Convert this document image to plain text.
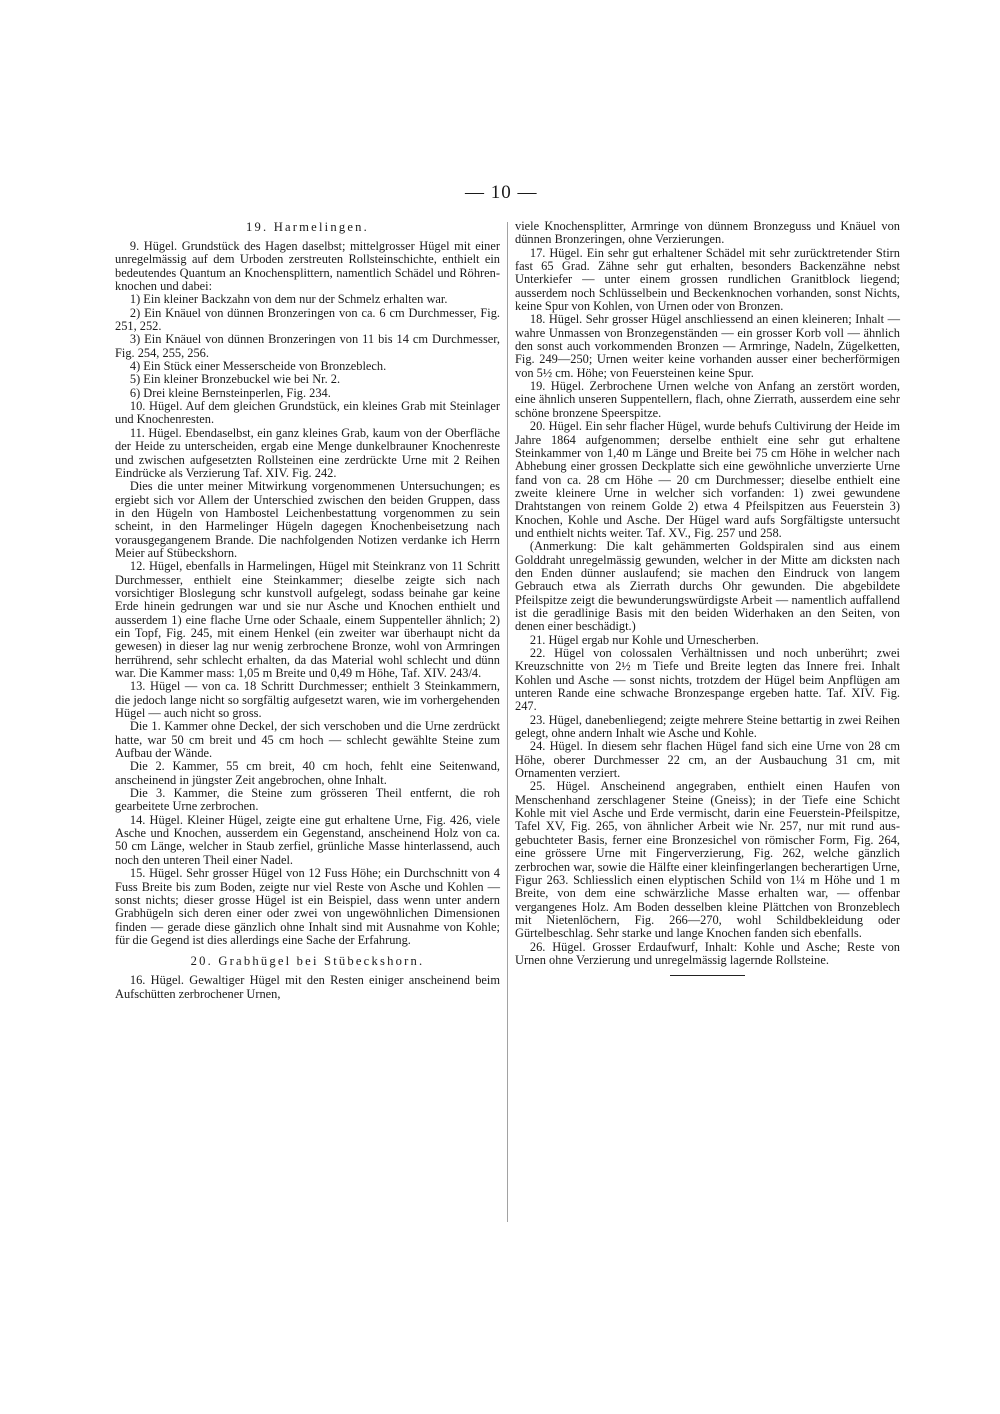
— 10 —
19. Harmelingen.

9. Hügel. Grundstück des Hagen daselbst; mittelgrosser Hügel mit einer unregelmässig auf dem Urboden zerstreuten Rollsteinschichte, enthielt ein bedeutendes Quantum an Knochensplittern, namentlich Schädel und Röhrenknochen und dabei:

1) Ein kleiner Backzahn von dem nur der Schmelz erhalten war.

2) Ein Knäuel von dünnen Bronzeringen von ca. 6 cm Durchmesser, Fig. 251, 252.

3) Ein Knäuel von dünnen Bronzeringen von 11 bis 14 cm Durchmesser, Fig. 254, 255, 256.

4) Ein Stück einer Messerscheide von Bronzeblech.

5) Ein kleiner Bronzebuckel wie bei Nr. 2.

6) Drei kleine Bernsteinperlen, Fig. 234.

10. Hügel. Auf dem gleichen Grundstück, ein kleines Grab mit Steinlager und Knochenresten.

11. Hügel. Ebendaselbst, ein ganz kleines Grab, kaum von der Oberfläche der Heide zu unterscheiden, ergab eine Menge dunkelbrauner Knochenreste und zwischen aufgesetzten Rollsteinen eine zerdrückte Urne mit 2 Reihen Eindrücke als Verzierung Taf. XIV. Fig. 242.

Dies die unter meiner Mitwirkung vorgenommenen Untersuchungen; es ergiebt sich vor Allem der Unterschied zwischen den beiden Gruppen, dass in den Hügeln von Hambostel Leichenbestattung vorgenommen zu sein scheint, in den Harmelinger Hügeln dagegen Knochenbeisetzung nach vorausgegangenem Brande. Die nachfolgenden Notizen verdanke ich Herrn Meier auf Stübeckshorn.

12. Hügel, ebenfalls in Harmelingen, Hügel mit Steinkranz von 11 Schritt Durchmesser, enthielt eine Steinkammer; dieselbe zeigte sich nach vorsichtiger Bloslegung schr kunstvoll aufgelegt, sodass beinahe gar keine Erde hinein gedrungen war und sie nur Asche und Knochen enthielt und ausserdem 1) eine flache Urne oder Schaale, einem Suppenteller ähnlich; 2) ein Topf, Fig. 245, mit einem Henkel (ein zweiter war überhaupt nicht da gewesen) in dieser lag nur wenig zerbrochene Bronze, wohl von Armringen herrührend, sehr schlecht erhalten, da das Material wohl schlecht und dünn war. Die Kammer mass: 1,05 m Breite und 0,49 m Höhe, Taf. XIV. 243/4.

13. Hügel — von ca. 18 Schritt Durchmesser; enthielt 3 Steinkammern, die jedoch lange nicht so sorgfältig aufgesetzt waren, wie im vorhergehenden Hügel — auch nicht so gross.

Die 1. Kammer ohne Deckel, der sich verschoben und die Urne zerdrückt hatte, war 50 cm breit und 45 cm hoch — schlecht gewählte Steine zum Aufbau der Wände.

Die 2. Kammer, 55 cm breit, 40 cm hoch, fehlt eine Seitenwand, anscheinend in jüngster Zeit angebrochen, ohne Inhalt.

Die 3. Kammer, die Steine zum grösseren Theil entfernt, die roh gearbeitete Urne zerbrochen.

14. Hügel. Kleiner Hügel, zeigte eine gut erhaltene Urne, Fig. 426, viele Asche und Knochen, ausserdem ein Gegenstand, anscheinend Holz von ca. 50 cm Länge, welcher in Staub zerfiel, grünliche Masse hinterlassend, auch noch den unteren Theil einer Nadel.

15. Hügel. Sehr grosser Hügel von 12 Fuss Höhe; ein Durchschnitt von 4 Fuss Breite bis zum Boden, zeigte nur viel Reste von Asche und Kohlen — sonst nichts; dieser grosse Hügel ist ein Beispiel, dass wenn unter andern Grabhügeln sich deren einer oder zwei von ungewöhnlichen Dimensionen finden — gerade diese gänzlich ohne Inhalt sind mit Ausnahme von Kohle; für die Gegend ist dies allerdings eine Sache der Erfahrung.

20. Grabhügel bei Stübeckshorn.

16. Hügel. Gewaltiger Hügel mit den Resten einiger anscheinend beim Aufschütten zerbrochener Urnen,

viele Knochensplitter, Armringe von dünnem Bronzeguss und Knäuel von dünnen Bronzeringen, ohne Verzierungen.

17. Hügel. Ein sehr gut erhaltener Schädel mit sehr zurücktretender Stirn fast 65 Grad. Zähne sehr gut erhalten, besonders Backenzähne nebst Unterkiefer — unter einem grossen rundlichen Granitblock liegend; ausserdem noch Schlüsselbein und Beckenknochen vorhanden, sonst Nichts, keine Spur von Kohlen, von Urnen oder von Bronzen.

18. Hügel. Sehr grosser Hügel anschliessend an einen kleineren; Inhalt — wahre Unmassen von Bronzegenständen — ein grosser Korb voll — ähnlich den sonst auch vorkommenden Bronzen — Armringe, Nadeln, Zügelketten, Fig. 249—250; Urnen weiter keine vorhanden ausser einer becherförmigen von 5½ cm. Höhe; von Feuersteinen keine Spur.

19. Hügel. Zerbrochene Urnen welche von Anfang an zerstört worden, eine ähnlich unseren Suppentellern, flach, ohne Zierrath, ausserdem eine sehr schöne bronzene Speerspitze.

20. Hügel. Ein sehr flacher Hügel, wurde behufs Cultivirung der Heide im Jahre 1864 aufgenommen; derselbe enthielt eine sehr gut erhaltene Steinkammer von 1,40 m Länge und Breite bei 75 cm Höhe in welcher nach Abhebung einer grossen Deckplatte sich eine gewöhnliche unverzierte Urne fand von ca. 28 cm Höhe — 20 cm Durchmesser; dieselbe enthielt eine zweite kleinere Urne in welcher sich vorfanden: 1) zwei gewundene Drahtstangen von reinem Golde 2) etwa 4 Pfeilspitzen aus Feuerstein 3) Knochen, Kohle und Asche. Der Hügel ward aufs Sorgfältigste untersucht und enthielt nichts weiter. Taf. XV., Fig. 257 und 258.

(Anmerkung: Die kalt gehämmerten Goldspiralen sind aus einem Golddraht unregelmässig gewunden, welcher in der Mitte am dicksten nach den Enden dünner auslaufend; sie machen den Eindruck von langem Gebrauch etwa als Zierrath durchs Ohr gewunden. Die abgebildete Pfeilspitze zeigt die bewunderungswürdigste Arbeit — namentlich auffallend ist die geradlinige Basis mit den beiden Widerhaken an den Seiten, von denen einer beschädigt.)

21. Hügel ergab nur Kohle und Urnescherben.

22. Hügel von colossalen Verhältnissen und noch unberührt; zwei Kreuzschnitte von 2½ m Tiefe und Breite legten das Innere frei. Inhalt Kohlen und Asche — sonst nichts, trotzdem der Hügel beim Anpflügen am unteren Rande eine schwache Bronzespange ergeben hatte. Taf. XIV. Fig. 247.

23. Hügel, danebenliegend; zeigte mehrere Steine bettartig in zwei Reihen gelegt, ohne andern Inhalt wie Asche und Kohle.

24. Hügel. In diesem sehr flachen Hügel fand sich eine Urne von 28 cm Höhe, oberer Durchmesser 22 cm, an der Ausbauchung 31 cm, mit Ornamenten verziert.

25. Hügel. Anscheinend angegraben, enthielt einen Haufen von Menschenhand zerschlagener Steine (Gneiss); in der Tiefe eine Schicht Kohle mit viel Asche und Erde vermischt, darin eine Feuerstein-Pfeilspitze, Tafel XV, Fig. 265, von ähnlicher Arbeit wie Nr. 257, nur mit rund ausgebuchteter Basis, ferner eine Bronzesichel von römischer Form, Fig. 264, eine grössere Urne mit Fingerverzierung, Fig. 262, welche gänzlich zerbrochen war, sowie die Hälfte einer kleinfingerlangen becherartigen Urne, Figur 263. Schliesslich einen elyptischen Schild von 1¼ m Höhe und 1 m Breite, von dem eine schwärzliche Masse erhalten war, — offenbar vergangenes Holz. Am Boden desselben kleine Plättchen von Bronzeblech mit Nietenlöchern, Fig. 266—270, wohl Schildbekleidung oder Gürtelbeschlag. Sehr starke und lange Knochen fanden sich ebenfalls.

26. Hügel. Grosser Erdaufwurf, Inhalt: Kohle und Asche; Reste von Urnen ohne Verzierung und unregelmässig lagernde Rollsteine.
